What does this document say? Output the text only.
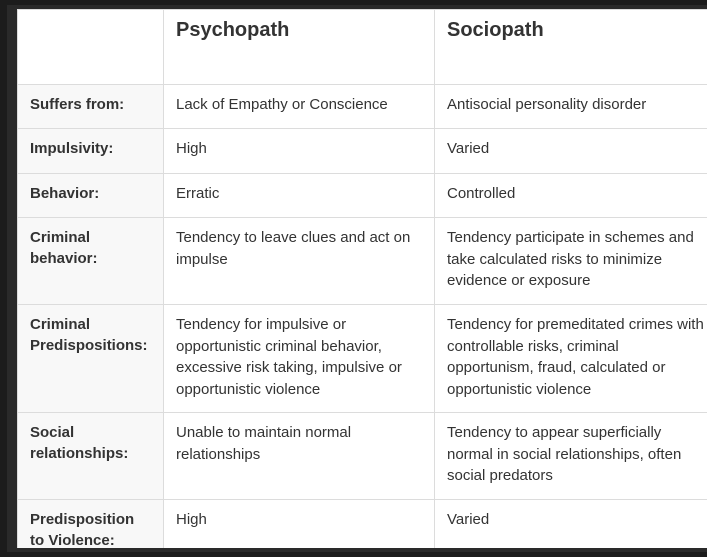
	Psychopath	Sociopath
Suffers from:	Lack of Empathy or Conscience	Antisocial personality disorder
Impulsivity:	High	Varied
Behavior:	Erratic	Controlled
Criminal behavior:	Tendency to leave clues and act on impulse	Tendency participate in schemes and take calculated risks to minimize evidence or exposure
Criminal Predispositions:	Tendency for impulsive or opportunistic criminal behavior, excessive risk taking, impulsive or opportunistic violence	Tendency for premeditated crimes with controllable risks, criminal opportunism, fraud, calculated or opportunistic violence
Social relationships:	Unable to maintain normal relationships	Tendency to appear superficially normal in social relationships, often social predators
Predisposition to Violence:	High	Varied
